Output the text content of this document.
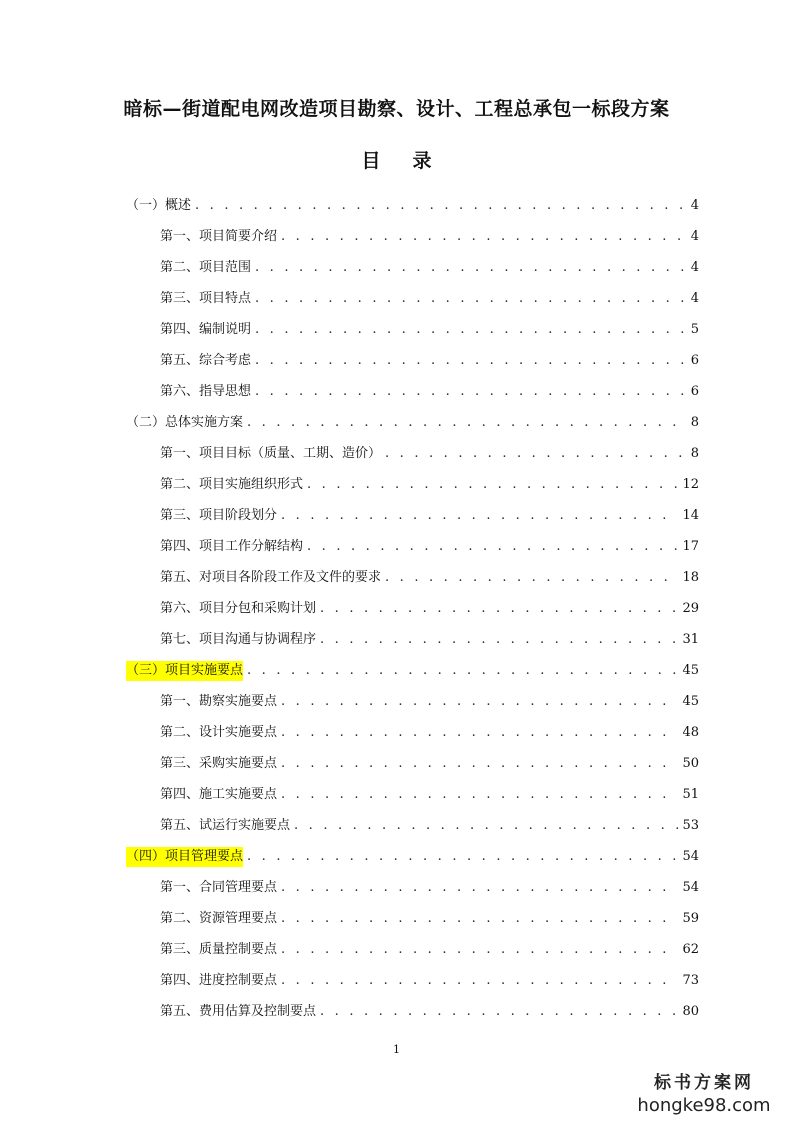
暗标—街道配电网改造项目勘察、设计、工程总承包一标段方案
目 录
（一）概述 . . .	4
第一、项目简要介绍 . . .	4
第二、项目范围 . . .	4
第三、项目特点 . . .	4
第四、编制说明 . . .	5
第五、综合考虑 . . .	6
第六、指导思想 . . .	6
（二）总体实施方案 . . .	8
第一、项目目标（质量、工期、造价） . . .	8
第二、项目实施组织形式 . . .	12
第三、项目阶段划分 . . .	14
第四、项目工作分解结构 . . .	17
第五、对项目各阶段工作及文件的要求 . . .	18
第六、项目分包和采购计划 . . .	29
第七、项目沟通与协调程序 . . .	31
（三）项目实施要点 . . .	45
第一、勘察实施要点 . . .	45
第二、设计实施要点 . . .	48
第三、采购实施要点 . . .	50
第四、施工实施要点 . . .	51
第五、试运行实施要点 . . .	53
（四）项目管理要点 . . .	54
第一、合同管理要点 . . .	54
第二、资源管理要点 . . .	59
第三、质量控制要点 . . .	62
第四、进度控制要点 . . .	73
第五、费用估算及控制要点 . . .	80
1
标书方案网
hongke98.com
